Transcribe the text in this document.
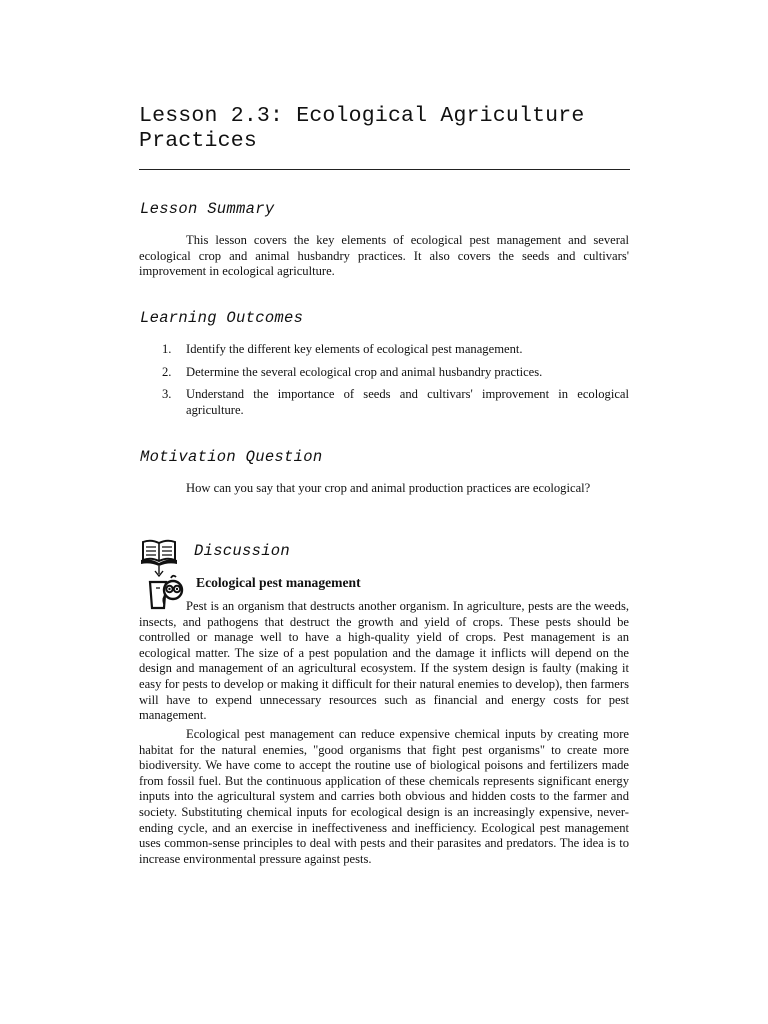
Lesson 2.3: Ecological Agriculture Practices
Lesson Summary

This lesson covers the key elements of ecological pest management and several ecological crop and animal husbandry practices. It also covers the seeds and cultivars' improvement in ecological agriculture.

Learning Outcomes
1. Identify the different key elements of ecological pest management.
2. Determine the several ecological crop and animal husbandry practices.
3. Understand the importance of seeds and cultivars' improvement in ecological agriculture.
Motivation Question

How can you say that your crop and animal production practices are ecological?

Discussion
Ecological pest management

Pest is an organism that destructs another organism. In agriculture, pests are the weeds, insects, and pathogens that destruct the growth and yield of crops. These pests should be controlled or manage well to have a high-quality yield of crops. Pest management is an ecological matter. The size of a pest population and the damage it inflicts will depend on the design and management of an agricultural ecosystem. If the system design is faulty (making it easy for pests to develop or making it difficult for their natural enemies to develop), then farmers will have to expend unnecessary resources such as financial and energy costs for pest management.

Ecological pest management can reduce expensive chemical inputs by creating more habitat for the natural enemies, "good organisms that fight pest organisms" to create more biodiversity. We have come to accept the routine use of biological poisons and fertilizers made from fossil fuel. But the continuous application of these chemicals represents significant energy inputs into the agricultural system and carries both obvious and hidden costs to the farmer and society. Substituting chemical inputs for ecological design is an increasingly expensive, never-ending cycle, and an exercise in ineffectiveness and inefficiency. Ecological pest management uses common-sense principles to deal with pests and their parasites and predators. The idea is to increase environmental pressure against pests.
